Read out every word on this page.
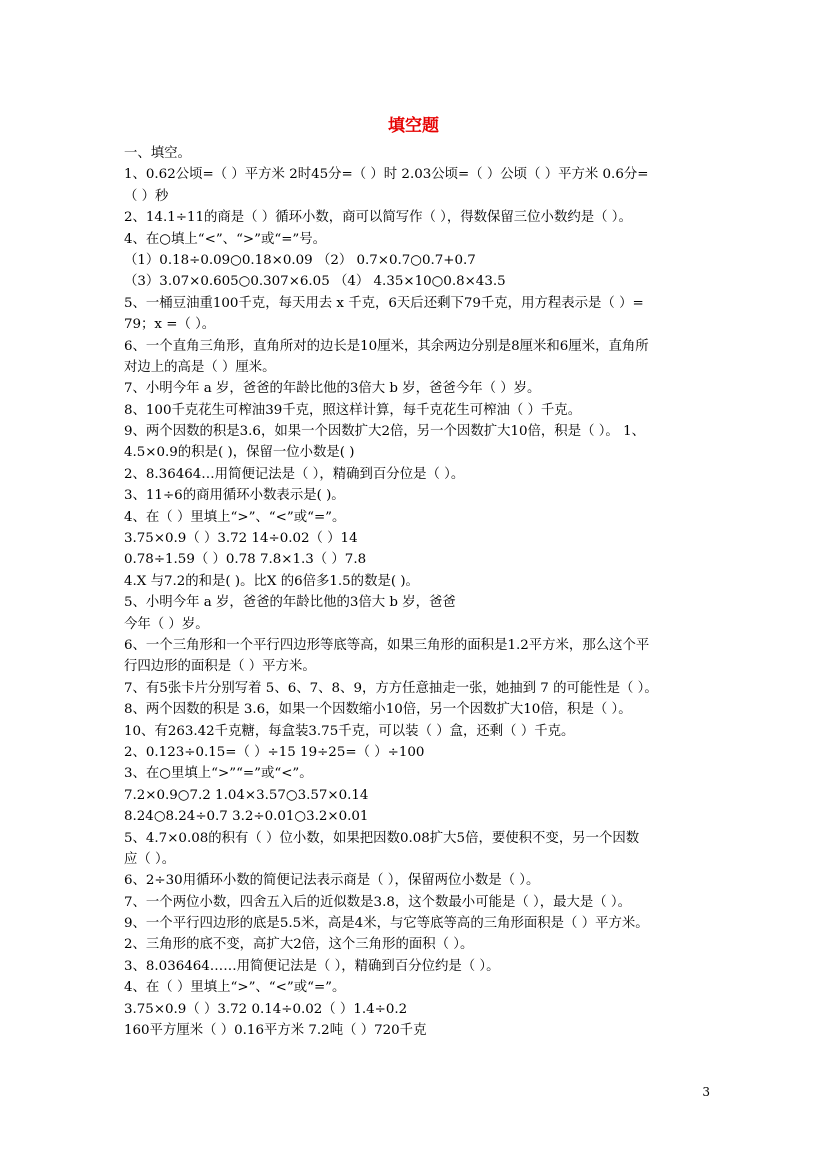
填空题
一、填空。
1、0.62公顷=（ ）平方米 2时45分=（ ）时 2.03公顷=（ ）公顷（ ）平方米 0.6分=
（ ）秒
2、14.1÷11的商是（ ）循环小数，商可以简写作（ ），得数保留三位小数约是（ ）。
4、在○填上“<”、“>”或“=”号。
（1）0.18÷0.09○0.18×0.09 （2） 0.7×0.7○0.7+0.7
（3）3.07×0.605○0.307×6.05 （4） 4.35×10○0.8×43.5
5、一桶豆油重100千克，每天用去 x 千克，6天后还剩下79千克，用方程表示是（ ）=
79；x =（ ）。
6、一个直角三角形，直角所对的边长是10厘米，其余两边分别是8厘米和6厘米，直角所
对边上的高是（ ）厘米。
7、小明今年 a 岁，爸爸的年龄比他的3倍大 b 岁，爸爸今年（ ）岁。
8、100千克花生可榨油39千克，照这样计算，每千克花生可榨油（ ）千克。
9、两个因数的积是3.6，如果一个因数扩大2倍，另一个因数扩大10倍，积是（ ）。 1、
4.5×0.9的积是( )，保留一位小数是( )
2、8.36464…用简便记法是（ ），精确到百分位是（ ）。
3、11÷6的商用循环小数表示是( )。
4、在（ ）里填上“>”、“<”或“=”。
3.75×0.9（ ）3.72 14÷0.02（ ）14
0.78÷1.59（ ）0.78 7.8×1.3（ ）7.8
4.X 与7.2的和是( )。比X 的6倍多1.5的数是( )。
5、小明今年 a 岁，爸爸的年龄比他的3倍大 b 岁，爸爸
今年（ ）岁。
6、一个三角形和一个平行四边形等底等高，如果三角形的面积是1.2平方米，那么这个平
行四边形的面积是（ ）平方米。
7、有5张卡片分别写着 5、6、7、8、9，方方任意抽走一张，她抽到 7 的可能性是（ ）。
8、两个因数的积是 3.6，如果一个因数缩小10倍，另一个因数扩大10倍，积是（ ）。
10、有263.42千克糖，每盒装3.75千克，可以装（ ）盒，还剩（ ）千克。
2、0.123÷0.15=（ ）÷15 19÷25=（ ）÷100
3、在○里填上“>”“=”或“<”。
7.2×0.9○7.2 1.04×3.57○3.57×0.14
8.24○8.24÷0.7 3.2÷0.01○3.2×0.01
5、4.7×0.08的积有（ ）位小数，如果把因数0.08扩大5倍，要使积不变，另一个因数
应（ ）。
6、2÷30用循环小数的简便记法表示商是（ ），保留两位小数是（ ）。
7、一个两位小数，四舍五入后的近似数是3.8，这个数最小可能是（ ），最大是（ ）。
9、一个平行四边形的底是5.5米，高是4米，与它等底等高的三角形面积是（ ）平方米。
2、三角形的底不变，高扩大2倍，这个三角形的面积（ ）。
3、8.036464……用简便记法是（ ），精确到百分位约是（ ）。
4、在（ ）里填上“>”、“<”或“=”。
3.75×0.9（ ）3.72 0.14÷0.02（ ）1.4÷0.2
160平方厘米（ ）0.16平方米 7.2吨（ ）720千克
3
